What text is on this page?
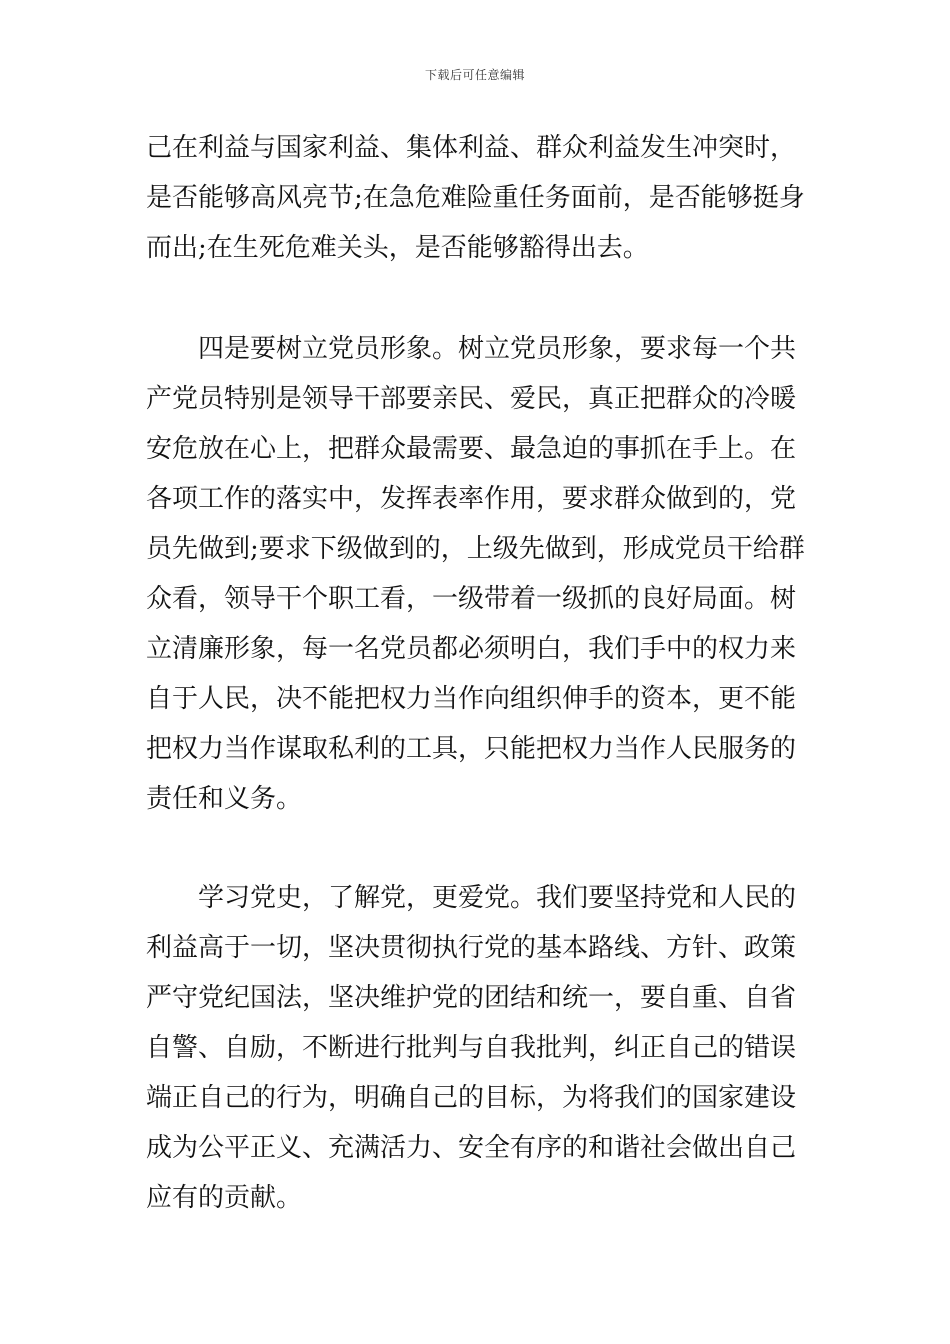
下载后可任意编辑
己在利益与国家利益、集体利益、群众利益发生冲突时，
是否能够高风亮节;在急危难险重任务面前，是否能够挺身
而出;在生死危难关头，是否能够豁得出去。
　　四是要树立党员形象。树立党员形象，要求每一个共
产党员特别是领导干部要亲民、爱民，真正把群众的冷暖
安危放在心上，把群众最需要、最急迫的事抓在手上。在
各项工作的落实中，发挥表率作用，要求群众做到的，党
员先做到;要求下级做到的，上级先做到，形成党员干给群
众看，领导干个职工看，一级带着一级抓的良好局面。树
立清廉形象，每一名党员都必须明白，我们手中的权力来
自于人民，决不能把权力当作向组织伸手的资本，更不能
把权力当作谋取私利的工具，只能把权力当作人民服务的
责任和义务。
　　学习党史，了解党，更爱党。我们要坚持党和人民的
利益高于一切，坚决贯彻执行党的基本路线、方针、政策
严守党纪国法，坚决维护党的团结和统一，要自重、自省
自警、自励，不断进行批判与自我批判，纠正自己的错误
端正自己的行为，明确自己的目标，为将我们的国家建设
成为公平正义、充满活力、安全有序的和谐社会做出自己
应有的贡献。
